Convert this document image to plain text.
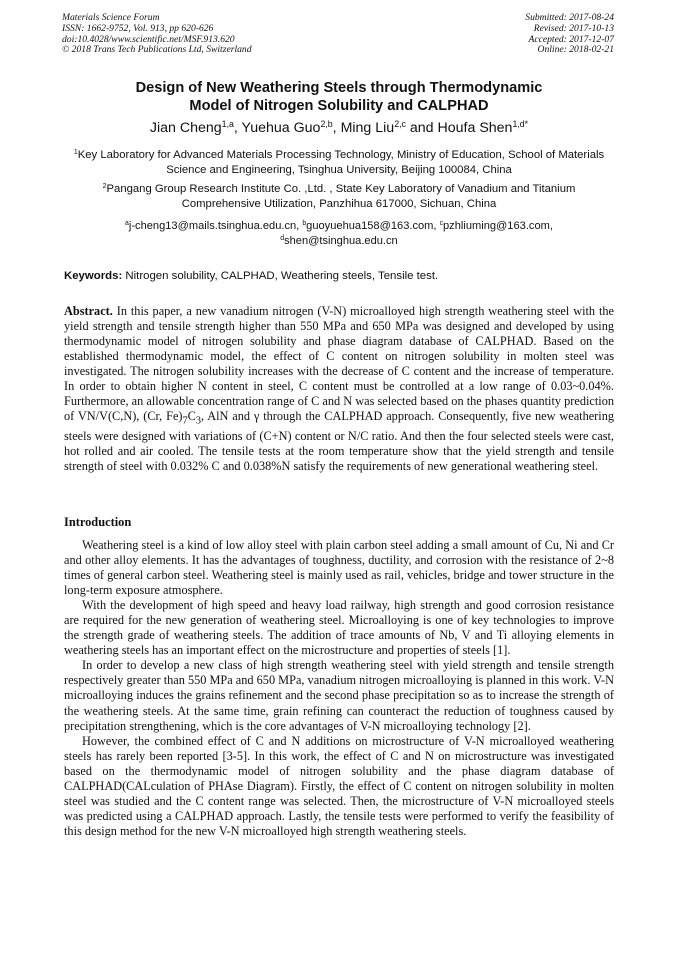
Materials Science Forum
ISSN: 1662-9752, Vol. 913, pp 620-626
doi:10.4028/www.scientific.net/MSF.913.620
© 2018 Trans Tech Publications Ltd, Switzerland
Submitted: 2017-08-24
Revised: 2017-10-13
Accepted: 2017-12-07
Online: 2018-02-21
Design of New Weathering Steels through Thermodynamic
Model of Nitrogen Solubility and CALPHAD
Jian Cheng$^{1,a}$, Yuehua Guo$^{2,b}$, Ming Liu$^{2,c}$ and Houfa Shen$^{1,d*}$
$^1$Key Laboratory for Advanced Materials Processing Technology, Ministry of Education, School of Materials Science and Engineering, Tsinghua University, Beijing 100084, China
$^2$Pangang Group Research Institute Co. ,Ltd. , State Key Laboratory of Vanadium and Titanium Comprehensive Utilization, Panzhihua 617000, Sichuan, China
$^a$j-cheng13@mails.tsinghua.edu.cn, $^b$guoyuehua158@163.com, $^c$pzhliuming@163.com,
$^d$shen@tsinghua.edu.cn
Keywords: Nitrogen solubility, CALPHAD, Weathering steels, Tensile test.
Abstract. In this paper, a new vanadium nitrogen (V-N) microalloyed high strength weathering steel with the yield strength and tensile strength higher than 550 MPa and 650 MPa was designed and developed by using thermodynamic model of nitrogen solubility and phase diagram database of CALPHAD. Based on the established thermodynamic model, the effect of C content on nitrogen solubility in molten steel was investigated. The nitrogen solubility increases with the decrease of C content and the increase of temperature. In order to obtain higher N content in steel, C content must be controlled at a low range of 0.03~0.04%. Furthermore, an allowable concentration range of C and N was selected based on the phases quantity prediction of VN/V(C,N), (Cr, $Fe)_7C_3$, AlN and γ through the CALPHAD approach. Consequently, five new weathering steels were designed with variations of (C+N) content or N/C ratio. And then the four selected steels were cast, hot rolled and air cooled. The tensile tests at the room temperature show that the yield strength and tensile strength of steel with 0.032% C and 0.038%N satisfy the requirements of new generational weathering steel.
Introduction

Weathering steel is a kind of low alloy steel with plain carbon steel adding a small amount of Cu, Ni and Cr and other alloy elements. It has the advantages of toughness, ductility, and corrosion with the resistance of 2~8 times of general carbon steel. Weathering steel is mainly used as rail, vehicles, bridge and tower structure in the long-term exposure atmosphere.

With the development of high speed and heavy load railway, high strength and good corrosion resistance are required for the new generation of weathering steel. Microalloying is one of key technologies to improve the strength grade of weathering steels. The addition of trace amounts of Nb, V and Ti alloying elements in weathering steels has an important effect on the microstructure and properties of steels [1].

In order to develop a new class of high strength weathering steel with yield strength and tensile strength respectively greater than 550 MPa and 650 MPa, vanadium nitrogen microalloying is planned in this work. V-N microalloying induces the grains refinement and the second phase precipitation so as to increase the strength of the weathering steels. At the same time, grain refining can counteract the reduction of toughness caused by precipitation strengthening, which is the core advantages of V-N microalloying technology [2].

However, the combined effect of C and N additions on microstructure of V-N microalloyed weathering steels has rarely been reported [3-5]. In this work, the effect of C and N on microstructure was investigated based on the thermodynamic model of nitrogen solubility and the phase diagram database of CALPHAD(CALculation of PHAse Diagram). Firstly, the effect of C content on nitrogen solubility in molten steel was studied and the C content range was selected. Then, the microstructure of V-N microalloyed steels was predicted using a CALPHAD approach. Lastly, the tensile tests were performed to verify the feasibility of this design method for the new V-N microalloyed high strength weathering steels.
